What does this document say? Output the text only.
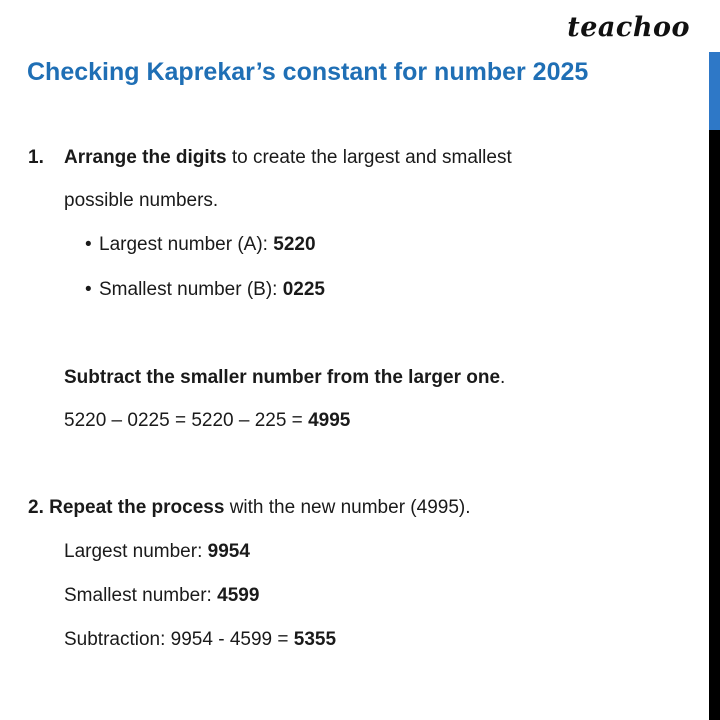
teachoo
Checking Kaprekar’s constant for number 2025
1. Arrange the digits to create the largest and smallest
possible numbers.
• Largest number (A): 5220
• Smallest number (B): 0225
Subtract the smaller number from the larger one.
5220 – 0225 = 5220 – 225 = 4995
2. Repeat the process with the new number (4995).
Largest number: 9954
Smallest number: 4599
Subtraction: 9954 - 4599 = 5355
